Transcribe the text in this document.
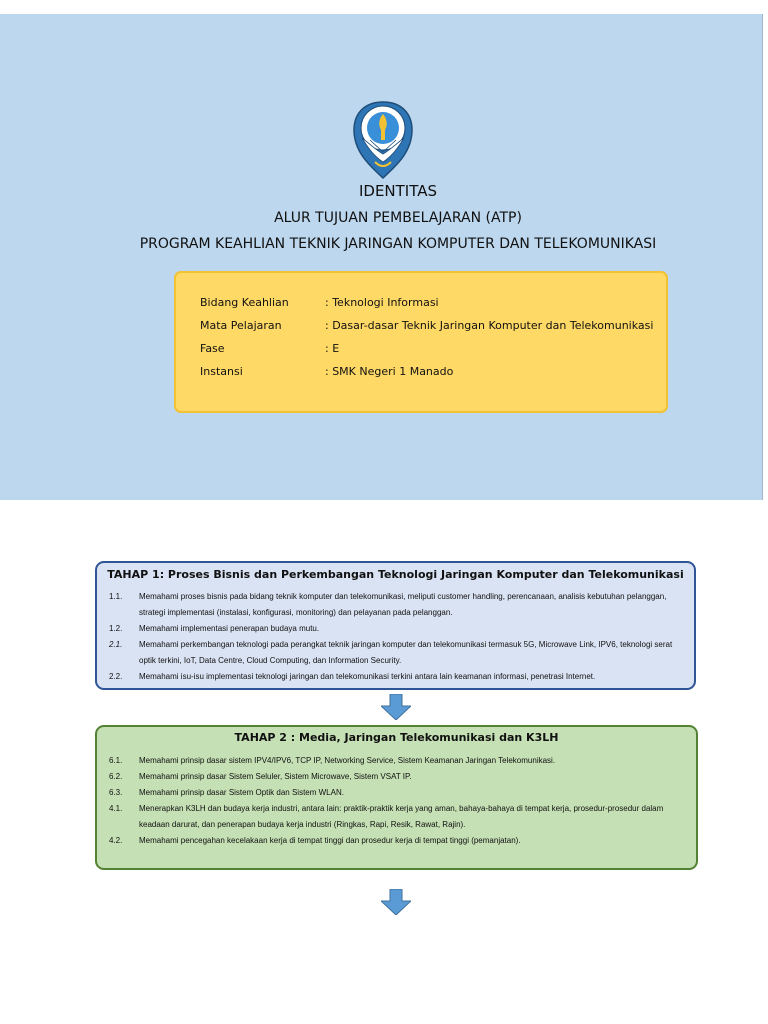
IDENTITAS
ALUR TUJUAN PEMBELAJARAN (ATP)
PROGRAM KEAHLIAN TEKNIK JARINGAN KOMPUTER DAN TELEKOMUNIKASI
Bidang Keahlian	: Teknologi Informasi
Mata Pelajaran	: Dasar-dasar Teknik Jaringan Komputer dan Telekomunikasi
Fase	: E
Instansi	: SMK Negeri 1 Manado
TAHAP 1: Proses Bisnis dan Perkembangan Teknologi Jaringan Komputer dan Telekomunikasi
1.1. Memahami proses bisnis pada bidang teknik komputer dan telekomunikasi, meliputi customer handling, perencanaan, analisis kebutuhan pelanggan, strategi implementasi (instalasi, konfigurasi, monitoring) dan pelayanan pada pelanggan.
1.2. Memahami implementasi penerapan budaya mutu.
2.1. Memahami perkembangan teknologi pada perangkat teknik jaringan komputer dan telekomunikasi termasuk 5G, Microwave Link, IPV6, teknologi serat optik terkini, IoT, Data Centre, Cloud Computing, dan Information Security.
2.2. Memahami isu-isu implementasi teknologi jaringan dan telekomunikasi terkini antara lain keamanan informasi, penetrasi Internet.
TAHAP 2 : Media, Jaringan Telekomunikasi dan K3LH
6.1. Memahami prinsip dasar sistem IPV4/IPV6, TCP IP, Networking Service, Sistem Keamanan Jaringan Telekomunikasi.
6.2. Memahami prinsip dasar Sistem Seluler, Sistem Microwave, Sistem VSAT IP.
6.3. Memahami prinsip dasar Sistem Optik dan Sistem WLAN.
4.1. Menerapkan K3LH dan budaya kerja industri, antara lain: praktik-praktik kerja yang aman, bahaya-bahaya di tempat kerja, prosedur-prosedur dalam keadaan darurat, dan penerapan budaya kerja industri (Ringkas, Rapi, Resik, Rawat, Rajin).
4.2. Memahami pencegahan kecelakaan kerja di tempat tinggi dan prosedur kerja di tempat tinggi (pemanjatan).
